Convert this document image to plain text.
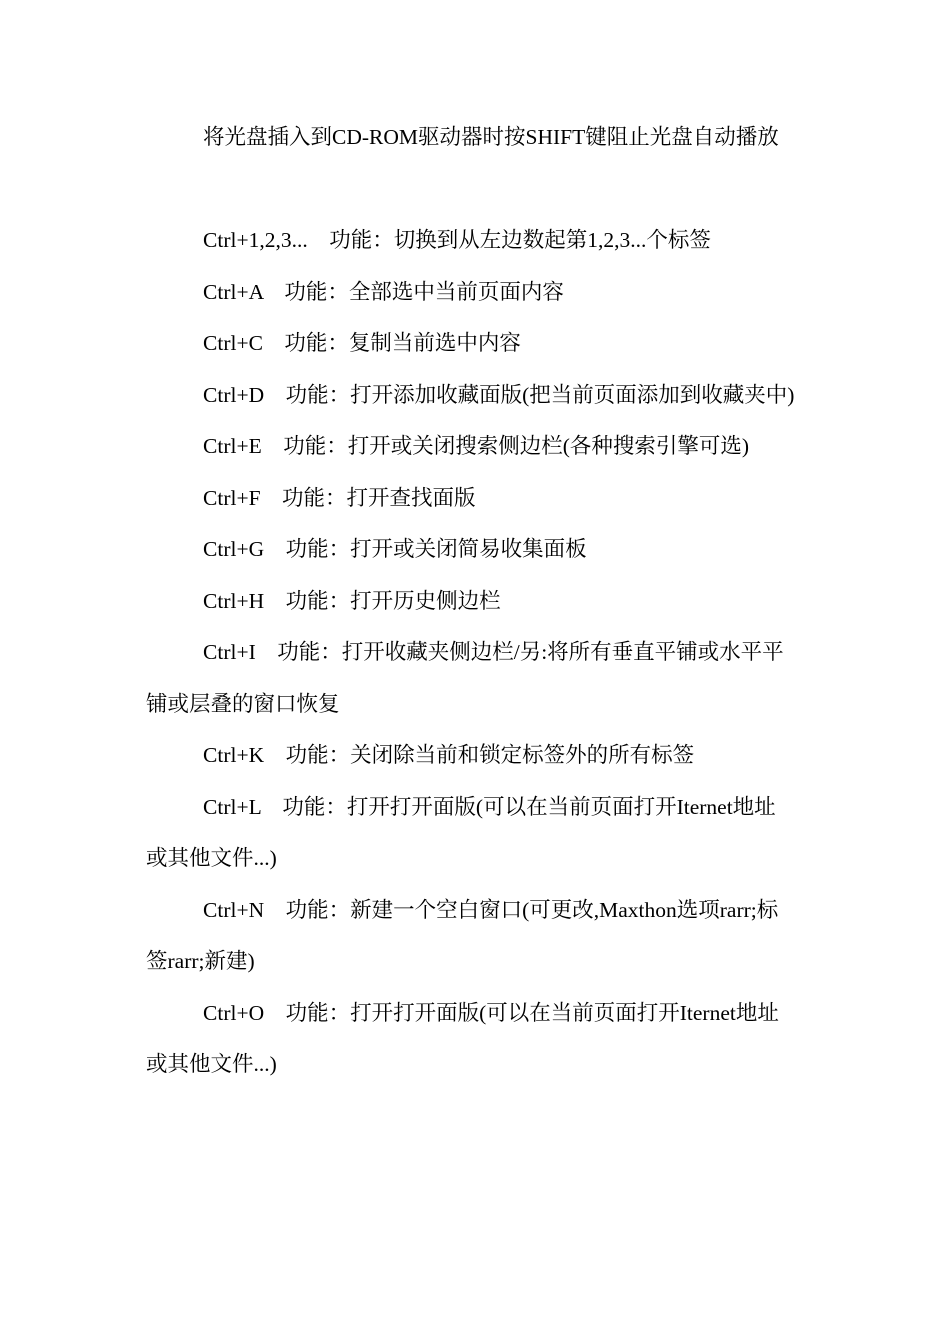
将光盘插入到CD-ROM驱动器时按SHIFT键阻止光盘自动播放

Ctrl+1,2,3...　功能：切换到从左边数起第1,2,3...个标签

Ctrl+A　功能：全部选中当前页面内容

Ctrl+C　功能：复制当前选中内容

Ctrl+D　功能：打开添加收藏面版(把当前页面添加到收藏夹中)

Ctrl+E　功能：打开或关闭搜索侧边栏(各种搜索引擎可选)

Ctrl+F　功能：打开查找面版

Ctrl+G　功能：打开或关闭简易收集面板

Ctrl+H　功能：打开历史侧边栏

Ctrl+I　功能：打开收藏夹侧边栏/另:将所有垂直平铺或水平平铺或层叠的窗口恢复

Ctrl+K　功能：关闭除当前和锁定标签外的所有标签

Ctrl+L　功能：打开打开面版(可以在当前页面打开Iternet地址或其他文件...)

Ctrl+N　功能：新建一个空白窗口(可更改,Maxthon选项rarr;标签rarr;新建)

Ctrl+O　功能：打开打开面版(可以在当前页面打开Iternet地址或其他文件...)
